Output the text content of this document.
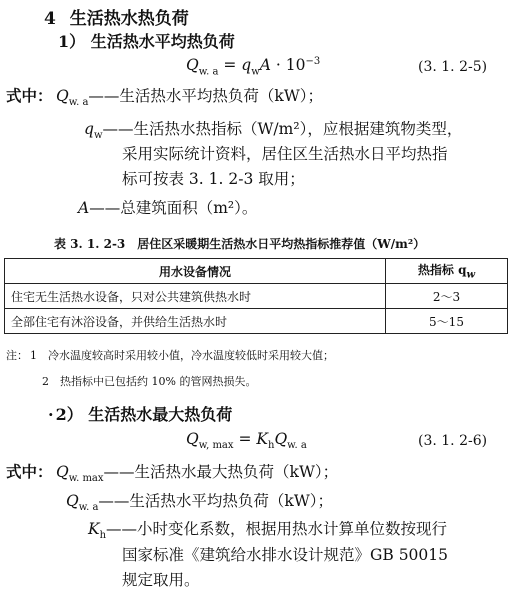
4 生活热水热负荷
1） 生活热水平均热负荷
$Q_{w. a} = q_wA \cdot 10^{-3}$	(3. 1. 2-5)
式中： $Q_{w. a}——$生活热水平均热负荷（kW）；
$q_w——$生活热水热指标（W/m²），应根据建筑物类型，
采用实际统计资料，居住区生活热水日平均热指
标可按表 3. 1. 2-3 取用；
A——总建筑面积（m²）。
表 3. 1. 2-3　居住区采暖期生活热水日平均热指标推荐值（W/m²）
用水设备情况	热指标 $q_w$
住宅无生活热水设备，只对公共建筑供热水时	2～3
全部住宅有沐浴设备，并供给生活热水时	5～15
注： 1　冷水温度较高时采用较小值，冷水温度较低时采用较大值；
2　热指标中已包括约 10% 的管网热损失。
· 2） 生活热水最大热负荷
$Q_{w, max} = K_hQ_{w. a}$	(3. 1. 2-6)
式中： $Q_{w. max}——$生活热水最大热负荷（kW）；
$Q_{w. a}——$生活热水平均热负荷（kW）；
$K_h——$小时变化系数，根据用热水计算单位数按现行
国家标准《建筑给水排水设计规范》GB 50015
规定取用。
